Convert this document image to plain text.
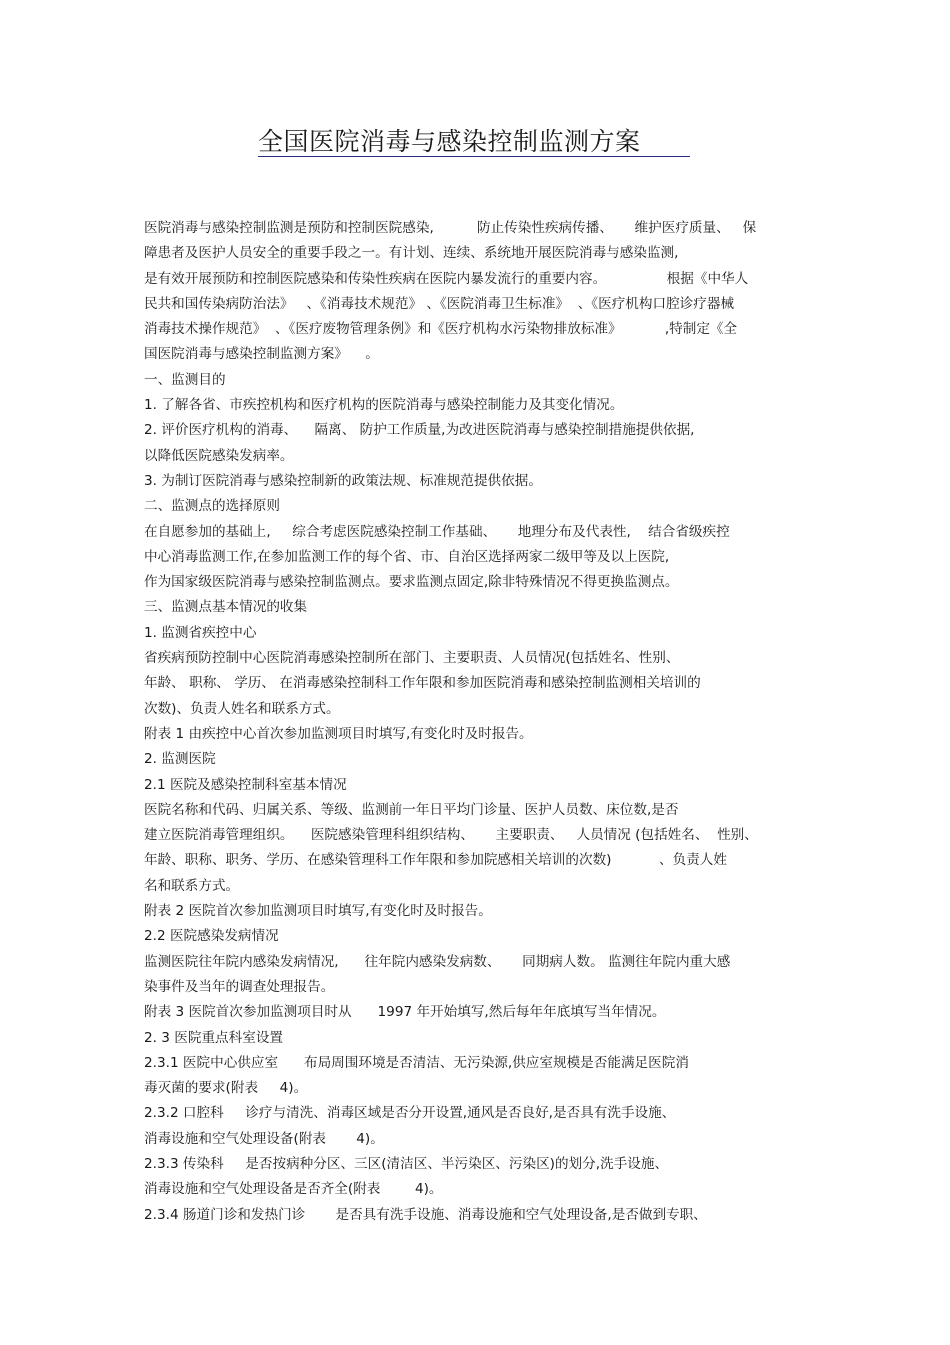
全国医院消毒与感染控制监测方案
医院消毒与感染控制监测是预防和控制医院感染,          防止传染性疾病传播、     维护医疗质量、   保
障患者及医护人员安全的重要手段之一。有计划、连续、系统地开展医院消毒与感染监测,
是有效开展预防和控制医院感染和传染性疾病在医院内暴发流行的重要内容。              根据《中华人
民共和国传染病防治法》   、《消毒技术规范》 、《医院消毒卫生标准》  、《医疗机构口腔诊疗器械
消毒技术操作规范》  、《医疗废物管理条例》和《医疗机构水污染物排放标准》          ,特制定《全
国医院消毒与感染控制监测方案》    。
一、监测目的
1. 了解各省、市疾控机构和医疗机构的医院消毒与感染控制能力及其变化情况。
2. 评价医疗机构的消毒、    隔离、 防护工作质量,为改进医院消毒与感染控制措施提供依据,
以降低医院感染发病率。
3. 为制订医院消毒与感染控制新的政策法规、标准规范提供依据。
二、监测点的选择原则
在自愿参加的基础上,     综合考虑医院感染控制工作基础、     地理分布及代表性,    结合省级疾控
中心消毒监测工作,在参加监测工作的每个省、市、自治区选择两家二级甲等及以上医院,
作为国家级医院消毒与感染控制监测点。要求监测点固定,除非特殊情况不得更换监测点。
三、监测点基本情况的收集
1. 监测省疾控中心
省疾病预防控制中心医院消毒感染控制所在部门、主要职责、人员情况(包括姓名、性别、
年龄、 职称、 学历、 在消毒感染控制科工作年限和参加医院消毒和感染控制监测相关培训的
次数)、负责人姓名和联系方式。
附表 1 由疾控中心首次参加监测项目时填写,有变化时及时报告。
2. 监测医院
2.1 医院及感染控制科室基本情况
医院名称和代码、归属关系、等级、监测前一年日平均门诊量、医护人员数、床位数,是否
建立医院消毒管理组织。    医院感染管理科组织结构、     主要职责、   人员情况 (包括姓名、  性别、
年龄、职称、职务、学历、在感染管理科工作年限和参加院感相关培训的次数)           、负责人姓
名和联系方式。
附表 2 医院首次参加监测项目时填写,有变化时及时报告。
2.2 医院感染发病情况
监测医院往年院内感染发病情况,      往年院内感染发病数、     同期病人数。 监测往年院内重大感
染事件及当年的调查处理报告。
附表 3 医院首次参加监测项目时从      1997 年开始填写,然后每年年底填写当年情况。
2. 3 医院重点科室设置
2.3.1 医院中心供应室      布局周围环境是否清洁、无污染源,供应室规模是否能满足医院消
毒灭菌的要求(附表     4)。
2.3.2 口腔科     诊疗与清洗、消毒区域是否分开设置,通风是否良好,是否具有洗手设施、
消毒设施和空气处理设备(附表       4)。
2.3.3 传染科     是否按病种分区、三区(清洁区、半污染区、污染区)的划分,洗手设施、
消毒设施和空气处理设备是否齐全(附表        4)。
2.3.4 肠道门诊和发热门诊       是否具有洗手设施、消毒设施和空气处理设备,是否做到专职、
